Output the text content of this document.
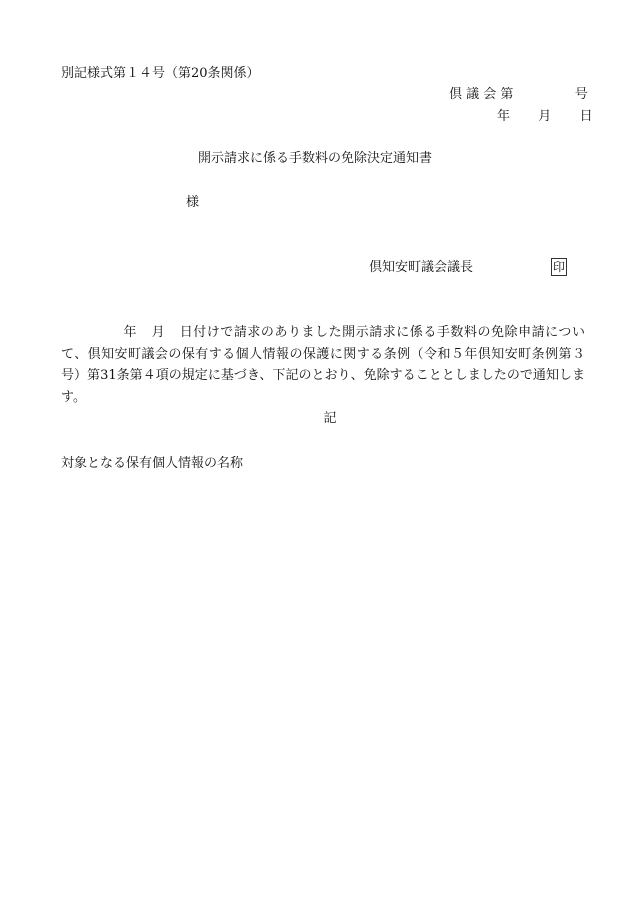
別記様式第１４号（第20条関係）
倶 議 会 第	号
年 月 日
開示請求に係る手数料の免除決定通知書
様
倶知安町議会議長	印
年 月 日付けで請求のありました開示請求に係る手数料の免除申請について、倶知安町議会の保有する個人情報の保護に関する条例（令和５年倶知安町条例第３号）第31条第４項の規定に基づき、下記のとおり、免除することとしましたので通知します。
記
対象となる保有個人情報の名称
